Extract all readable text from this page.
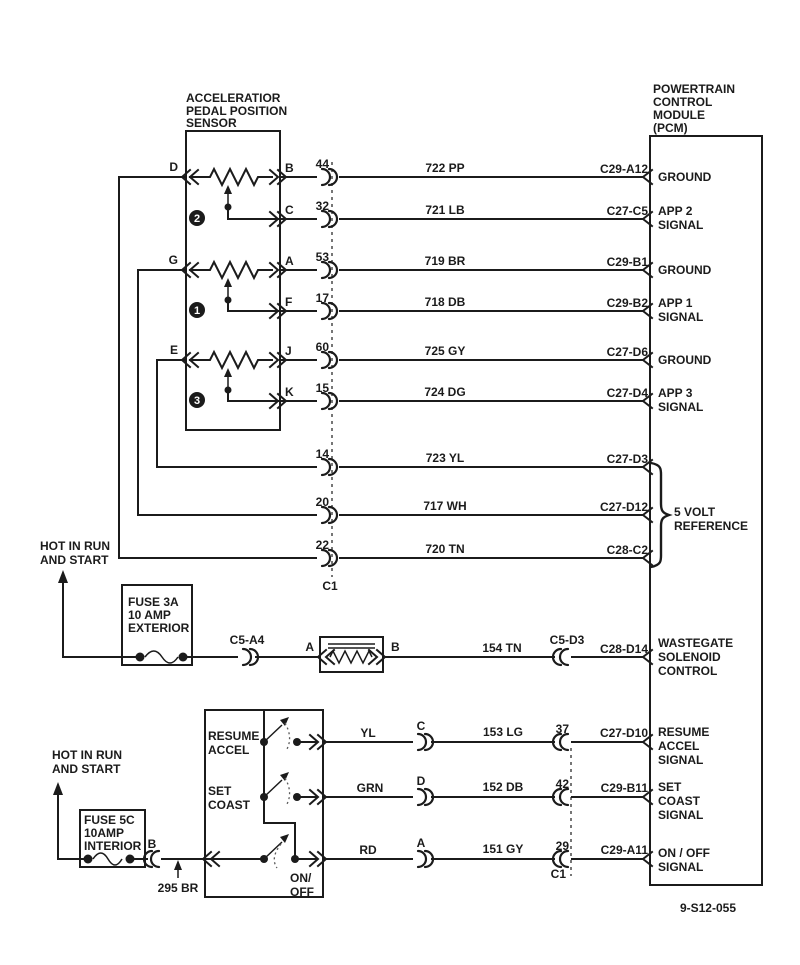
ACCELERATIOR
PEDAL POSITION
SENSOR
POWERTRAIN
CONTROL
MODULE
(PCM)
2
D	B
C
1
G	A
F
3
E	J
K
44	722 PP	C29-A12
GROUND
32	721 LB	C27-C5 APP 2
SIGNAL
53	719 BR	C29-B1
GROUND
17	718 DB	C29-B2 APP 1
SIGNAL
60	725 GY	C27-D6
GROUND
15	724 DG	C27-D4 APP 3
SIGNAL
14	723 YL	C27-D3
20	717 WH	C27-D12
22	720 TN	C28-C2
C1
5 VOLT
REFERENCE
HOT IN RUN
AND START
FUSE 3A
10 AMP
EXTERIOR
C5-A4	A	B	154 TN
C5-D3
C28-D14 WASTEGATE
SOLENOID
CONTROL
HOT IN RUN
AND START
FUSE 5C
10AMP
INTERIOR B
295 BR
RESUME
ACCEL
SET
COAST
ON/
OFF
YL	C	153 LG	37	C27-D10 RESUME
ACCEL
SIGNAL
GRN	D	152 DB	42	C29-B11 SET
COAST
SIGNAL
RD	A	151 GY	29	C29-A11 ON / OFF
SIGNAL
C1
9-S12-055
